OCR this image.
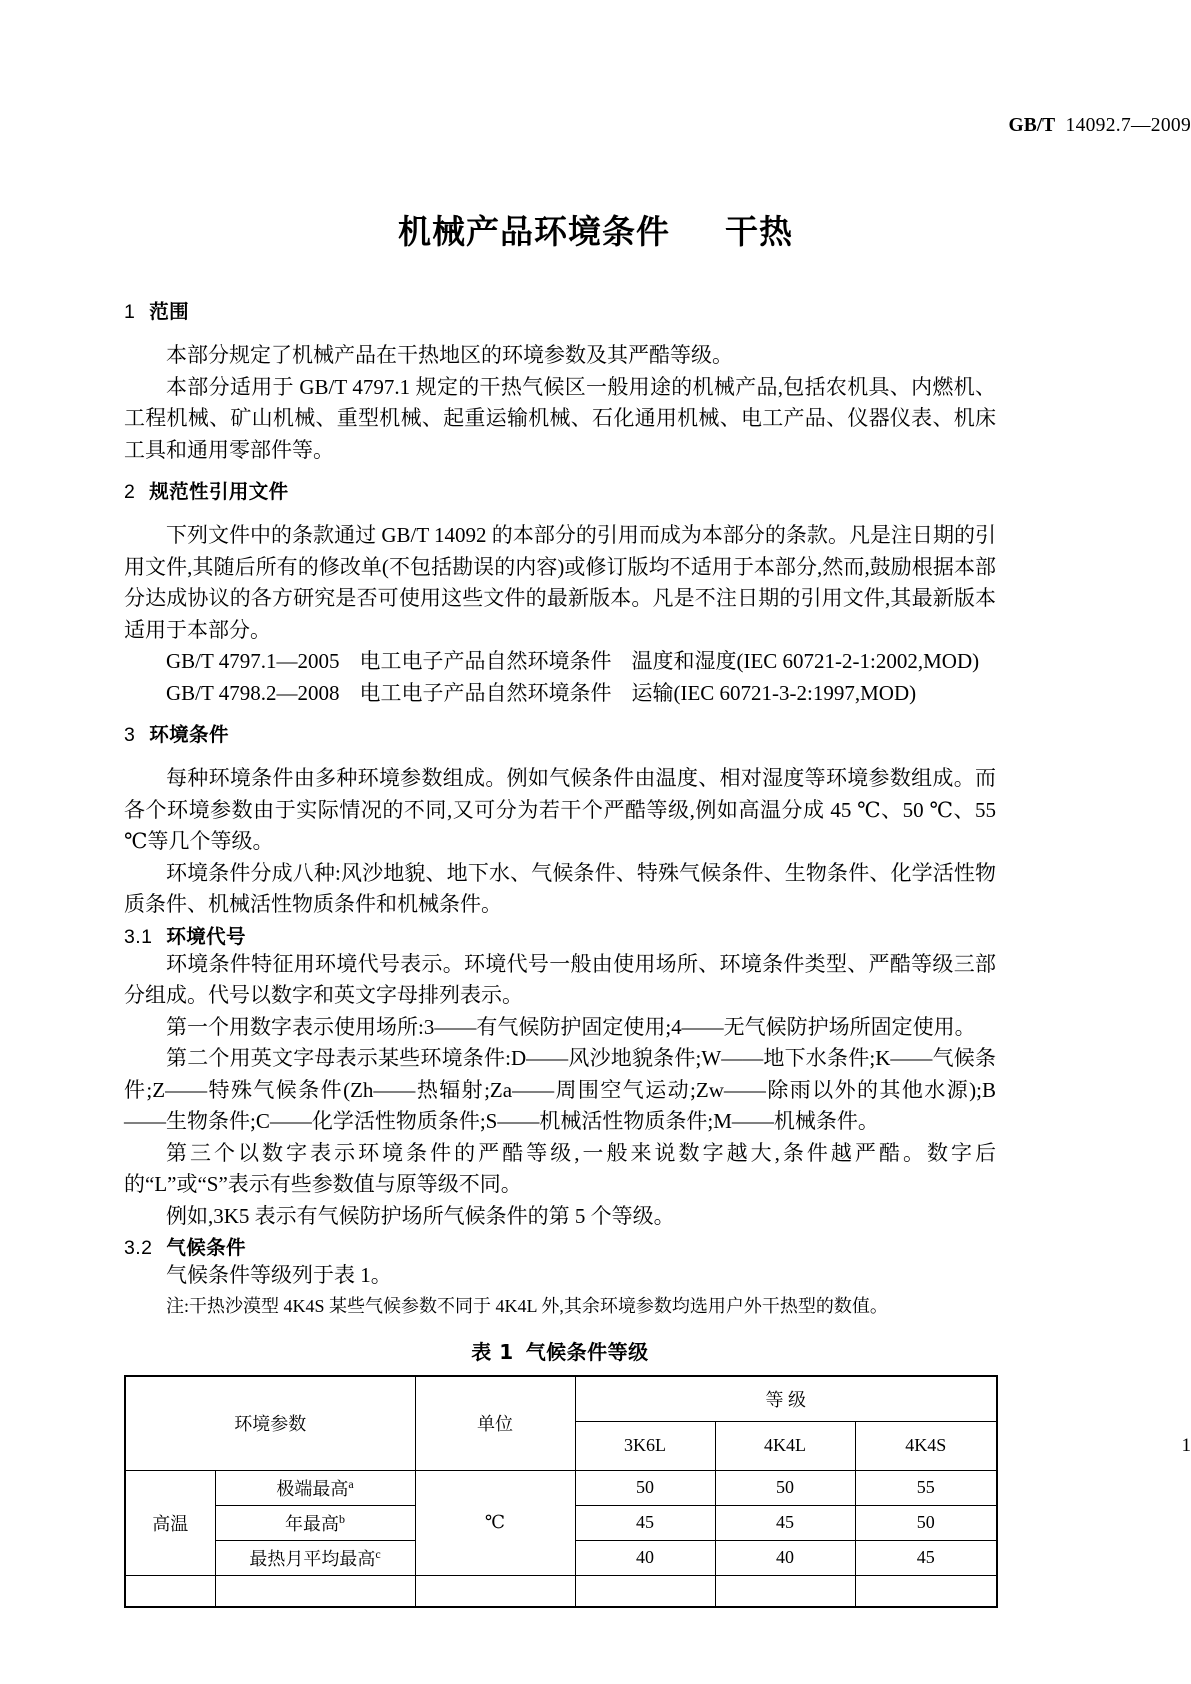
GB/T 14092.7—2009
机械产品环境条件 干热
1 范围

本部分规定了机械产品在干热地区的环境参数及其严酷等级。

本部分适用于 GB/T 4797.1 规定的干热气候区一般用途的机械产品,包括农机具、内燃机、工程机械、矿山机械、重型机械、起重运输机械、石化通用机械、电工产品、仪器仪表、机床工具和通用零部件等。

2 规范性引用文件

下列文件中的条款通过 GB/T 14092 的本部分的引用而成为本部分的条款。凡是注日期的引用文件,其随后所有的修改单(不包括勘误的内容)或修订版均不适用于本部分,然而,鼓励根据本部分达成协议的各方研究是否可使用这些文件的最新版本。凡是不注日期的引用文件,其最新版本适用于本部分。

GB/T 4797.1—2005 电工电子产品自然环境条件 温度和湿度(IEC 60721-2-1:2002,MOD)

GB/T 4798.2—2008 电工电子产品自然环境条件 运输(IEC 60721-3-2:1997,MOD)

3 环境条件

每种环境条件由多种环境参数组成。例如气候条件由温度、相对湿度等环境参数组成。而各个环境参数由于实际情况的不同,又可分为若干个严酷等级,例如高温分成 45 ℃、50 ℃、55 ℃等几个等级。

环境条件分成八种:风沙地貌、地下水、气候条件、特殊气候条件、生物条件、化学活性物质条件、机械活性物质条件和机械条件。

3.1 环境代号

环境条件特征用环境代号表示。环境代号一般由使用场所、环境条件类型、严酷等级三部分组成。代号以数字和英文字母排列表示。

第一个用数字表示使用场所:3——有气候防护固定使用;4——无气候防护场所固定使用。

第二个用英文字母表示某些环境条件:D——风沙地貌条件;W——地下水条件;K——气候条件;Z——特殊气候条件(Zh——热辐射;Za——周围空气运动;Zw——除雨以外的其他水源);B——生物条件;C——化学活性物质条件;S——机械活性物质条件;M——机械条件。

第三个以数字表示环境条件的严酷等级,一般来说数字越大,条件越严酷。数字后的“L”或“S”表示有些参数值与原等级不同。

例如,3K5 表示有气候防护场所气候条件的第 5 个等级。

3.2 气候条件

气候条件等级列于表 1。

注:干热沙漠型 4K4S 某些气候参数不同于 4K4L 外,其余环境参数均选用户外干热型的数值。

表 1 气候条件等级
环境参数		单位	等 级		
			3K6L	4K4L	4K4S
高温	极端最高$^a$	℃	50	50	55
	年最高$^b$		45	45	50
	最热月平均最高$^c$		40	40	45

1
